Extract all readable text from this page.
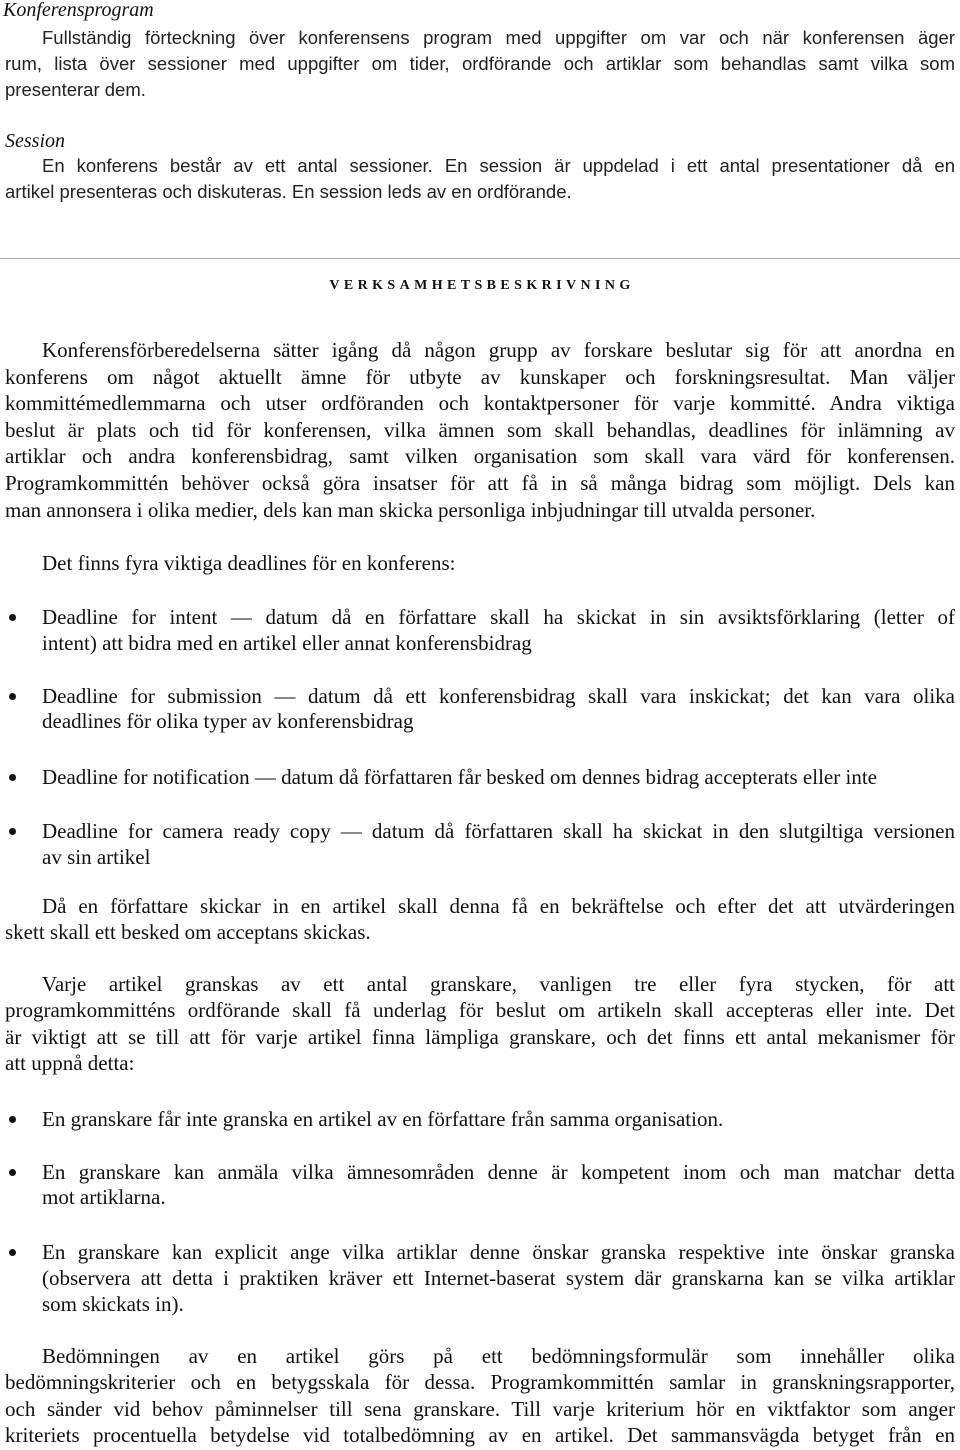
Konferensprogram
Fullständig förteckning över konferensens program med uppgifter om var och när konferensen äger
rum, lista över sessioner med uppgifter om tider, ordförande och artiklar som behandlas samt vilka som
presenterar dem.
Session
En konferens består av ett antal sessioner. En session är uppdelad i ett antal presentationer då en
artikel presenteras och diskuteras. En session leds av en ordförande.
VERKSAMHETSBESKRIVNING
Konferensförberedelserna sätter igång då någon grupp av forskare beslutar sig för att anordna en
konferens om något aktuellt ämne för utbyte av kunskaper och forskningsresultat. Man väljer
kommittémedlemmarna och utser ordföranden och kontaktpersoner för varje kommitté. Andra viktiga
beslut är plats och tid för konferensen, vilka ämnen som skall behandlas, deadlines för inlämning av
artiklar och andra konferensbidrag, samt vilken organisation som skall vara värd för konferensen.
Programkommittén behöver också göra insatser för att få in så många bidrag som möjligt. Dels kan
man annonsera i olika medier, dels kan man skicka personliga inbjudningar till utvalda personer.
Det finns fyra viktiga deadlines för en konferens:
Deadline for intent — datum då en författare skall ha skickat in sin avsiktsförklaring (letter of
intent) att bidra med en artikel eller annat konferensbidrag
Deadline for submission — datum då ett konferensbidrag skall vara inskickat; det kan vara olika
deadlines för olika typer av konferensbidrag
Deadline for notification — datum då författaren får besked om dennes bidrag accepterats eller inte
Deadline for camera ready copy — datum då författaren skall ha skickat in den slutgiltiga versionen
av sin artikel
Då en författare skickar in en artikel skall denna få en bekräftelse och efter det att utvärderingen
skett skall ett besked om acceptans skickas.
Varje artikel granskas av ett antal granskare, vanligen tre eller fyra stycken, för att
programkommitténs ordförande skall få underlag för beslut om artikeln skall accepteras eller inte. Det
är viktigt att se till att för varje artikel finna lämpliga granskare, och det finns ett antal mekanismer för
att uppnå detta:
En granskare får inte granska en artikel av en författare från samma organisation.
En granskare kan anmäla vilka ämnesområden denne är kompetent inom och man matchar detta
mot artiklarna.
En granskare kan explicit ange vilka artiklar denne önskar granska respektive inte önskar granska
(observera att detta i praktiken kräver ett Internet-baserat system där granskarna kan se vilka artiklar
som skickats in).
Bedömningen av en artikel görs på ett bedömningsformulär som innehåller olika
bedömningskriterier och en betygsskala för dessa. Programkommittén samlar in granskningsrapporter,
och sänder vid behov påminnelser till sena granskare. Till varje kriterium hör en viktfaktor som anger
kriteriets procentuella betydelse vid totalbedömning av en artikel. Det sammansvägda betyget från en
